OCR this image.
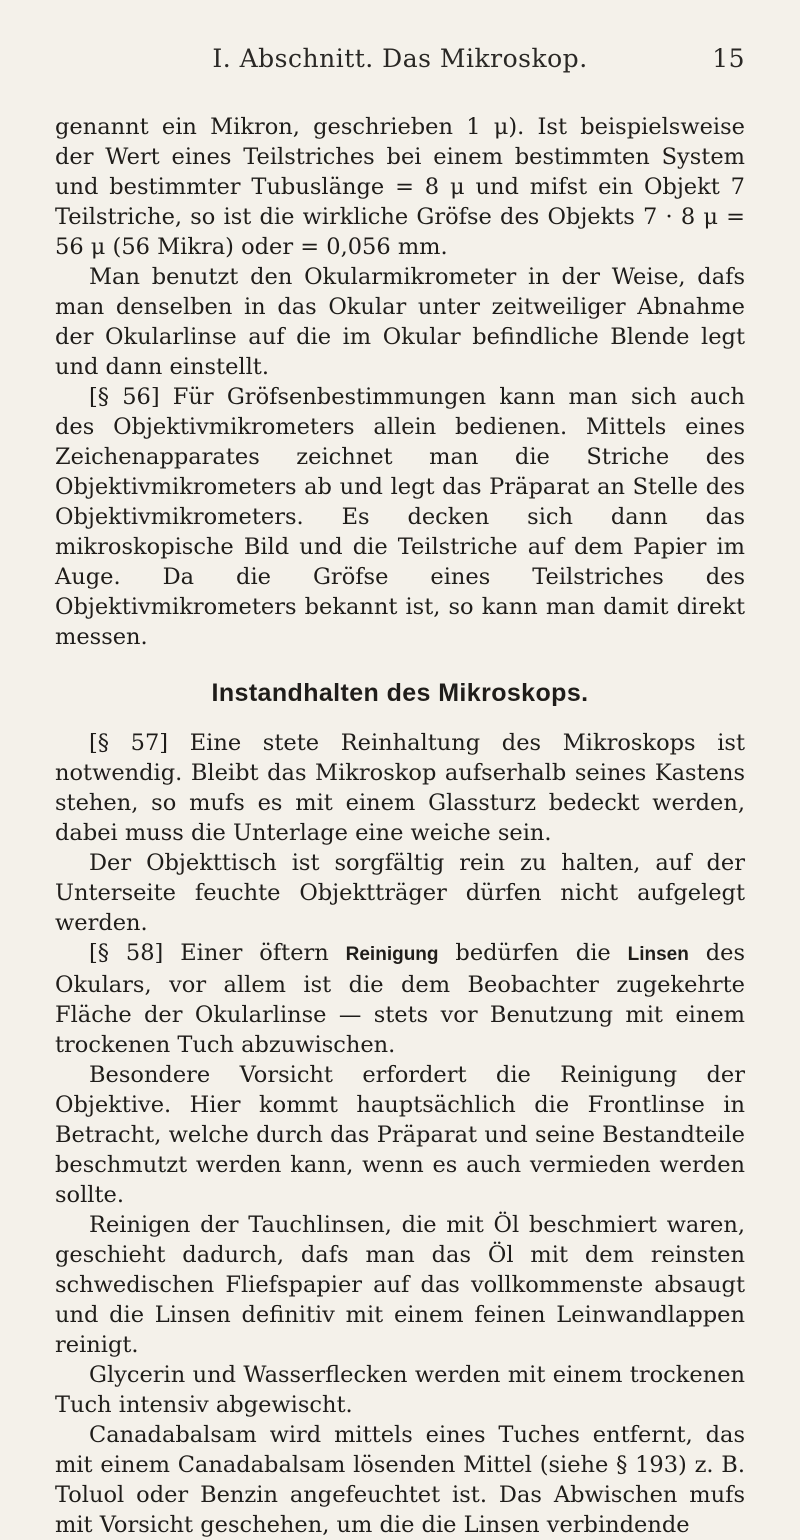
I. Abschnitt. Das Mikroskop.	15

genannt ein Mikron, geschrieben 1 μ). Ist beispielsweise der Wert eines Teilstriches bei einem bestimmten System und bestimmter Tubuslänge = 8 μ und mifst ein Objekt 7 Teilstriche, so ist die wirkliche Gröfse des Objekts 7 · 8 μ = 56 μ (56 Mikra) oder = 0,056 mm.

Man benutzt den Okularmikrometer in der Weise, dafs man denselben in das Okular unter zeitweiliger Abnahme der Okularlinse auf die im Okular befindliche Blende legt und dann einstellt.

[§ 56] Für Gröfsenbestimmungen kann man sich auch des Objektivmikrometers allein bedienen. Mittels eines Zeichenapparates zeichnet man die Striche des Objektivmikrometers ab und legt das Präparat an Stelle des Objektivmikrometers. Es decken sich dann das mikroskopische Bild und die Teilstriche auf dem Papier im Auge. Da die Gröfse eines Teilstriches des Objektivmikrometers bekannt ist, so kann man damit direkt messen.

Instandhalten des Mikroskops.

[§ 57] Eine stete Reinhaltung des Mikroskops ist notwendig. Bleibt das Mikroskop aufserhalb seines Kastens stehen, so mufs es mit einem Glassturz bedeckt werden, dabei muss die Unterlage eine weiche sein.

Der Objekttisch ist sorgfältig rein zu halten, auf der Unterseite feuchte Objektträger dürfen nicht aufgelegt werden.

[§ 58] Einer öftern Reinigung bedürfen die Linsen des Okulars, vor allem ist die dem Beobachter zugekehrte Fläche der Okularlinse — stets vor Benutzung mit einem trockenen Tuch abzuwischen.

Besondere Vorsicht erfordert die Reinigung der Objektive. Hier kommt hauptsächlich die Frontlinse in Betracht, welche durch das Präparat und seine Bestandteile beschmutzt werden kann, wenn es auch vermieden werden sollte.

Reinigen der Tauchlinsen, die mit Öl beschmiert waren, geschieht dadurch, dafs man das Öl mit dem reinsten schwedischen Fliefspapier auf das vollkommenste absaugt und die Linsen definitiv mit einem feinen Leinwandlappen reinigt.

Glycerin und Wasserflecken werden mit einem trockenen Tuch intensiv abgewischt.

Canadabalsam wird mittels eines Tuches entfernt, das mit einem Canadabalsam lösenden Mittel (siehe § 193) z. B. Toluol oder Benzin angefeuchtet ist. Das Abwischen mufs mit Vorsicht geschehen, um die die Linsen verbindende
